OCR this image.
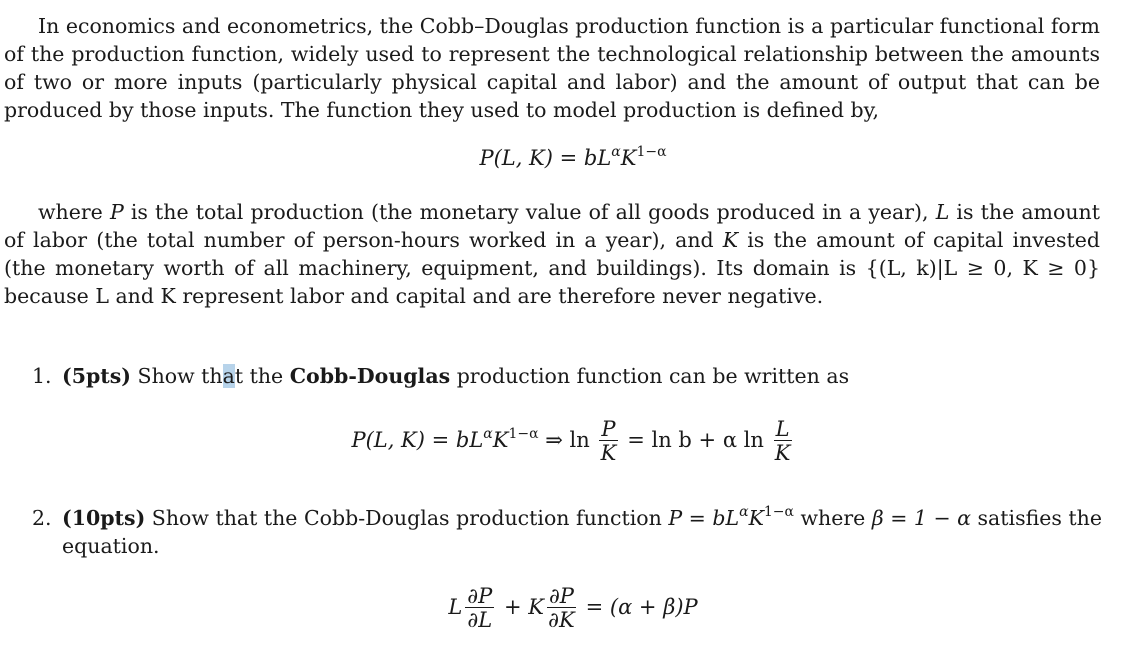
In economics and econometrics, the Cobb–Douglas production function is a particular functional form of the production function, widely used to represent the technological relationship between the amounts of two or more inputs (particularly physical capital and labor) and the amount of output that can be produced by those inputs. The function they used to model production is defined by,

P(L, $K) = bL^\alpha K^{1-\alpha}$

where P is the total production (the monetary value of all goods produced in a year), L is the amount of labor (the total number of person-hours worked in a year), and K is the amount of capital invested (the monetary worth of all machinery, equipment, and buildings). Its domain is {(L, k)|L ≥ 0, K ≥ 0} because L and K represent labor and capital and are therefore never negative.

1. (5pts) Show that the Cobb-Douglas production function can be written as

P(L, $K) = bL^\alpha K^{1-\alpha}$ ⇒ $\ln \frac{P}{K} = \ln b + \alpha$ $\ln \frac{L}{K}$

2. (10pts) Show that the Cobb-Douglas production function $P = bL^\alpha K^{1-\alpha}$ where β = 1 − α satisfies the
equation.

L $\frac{\partial P}{\partial L} + K \frac{\partial P}{\partial K} = (\alpha + \beta)P$
